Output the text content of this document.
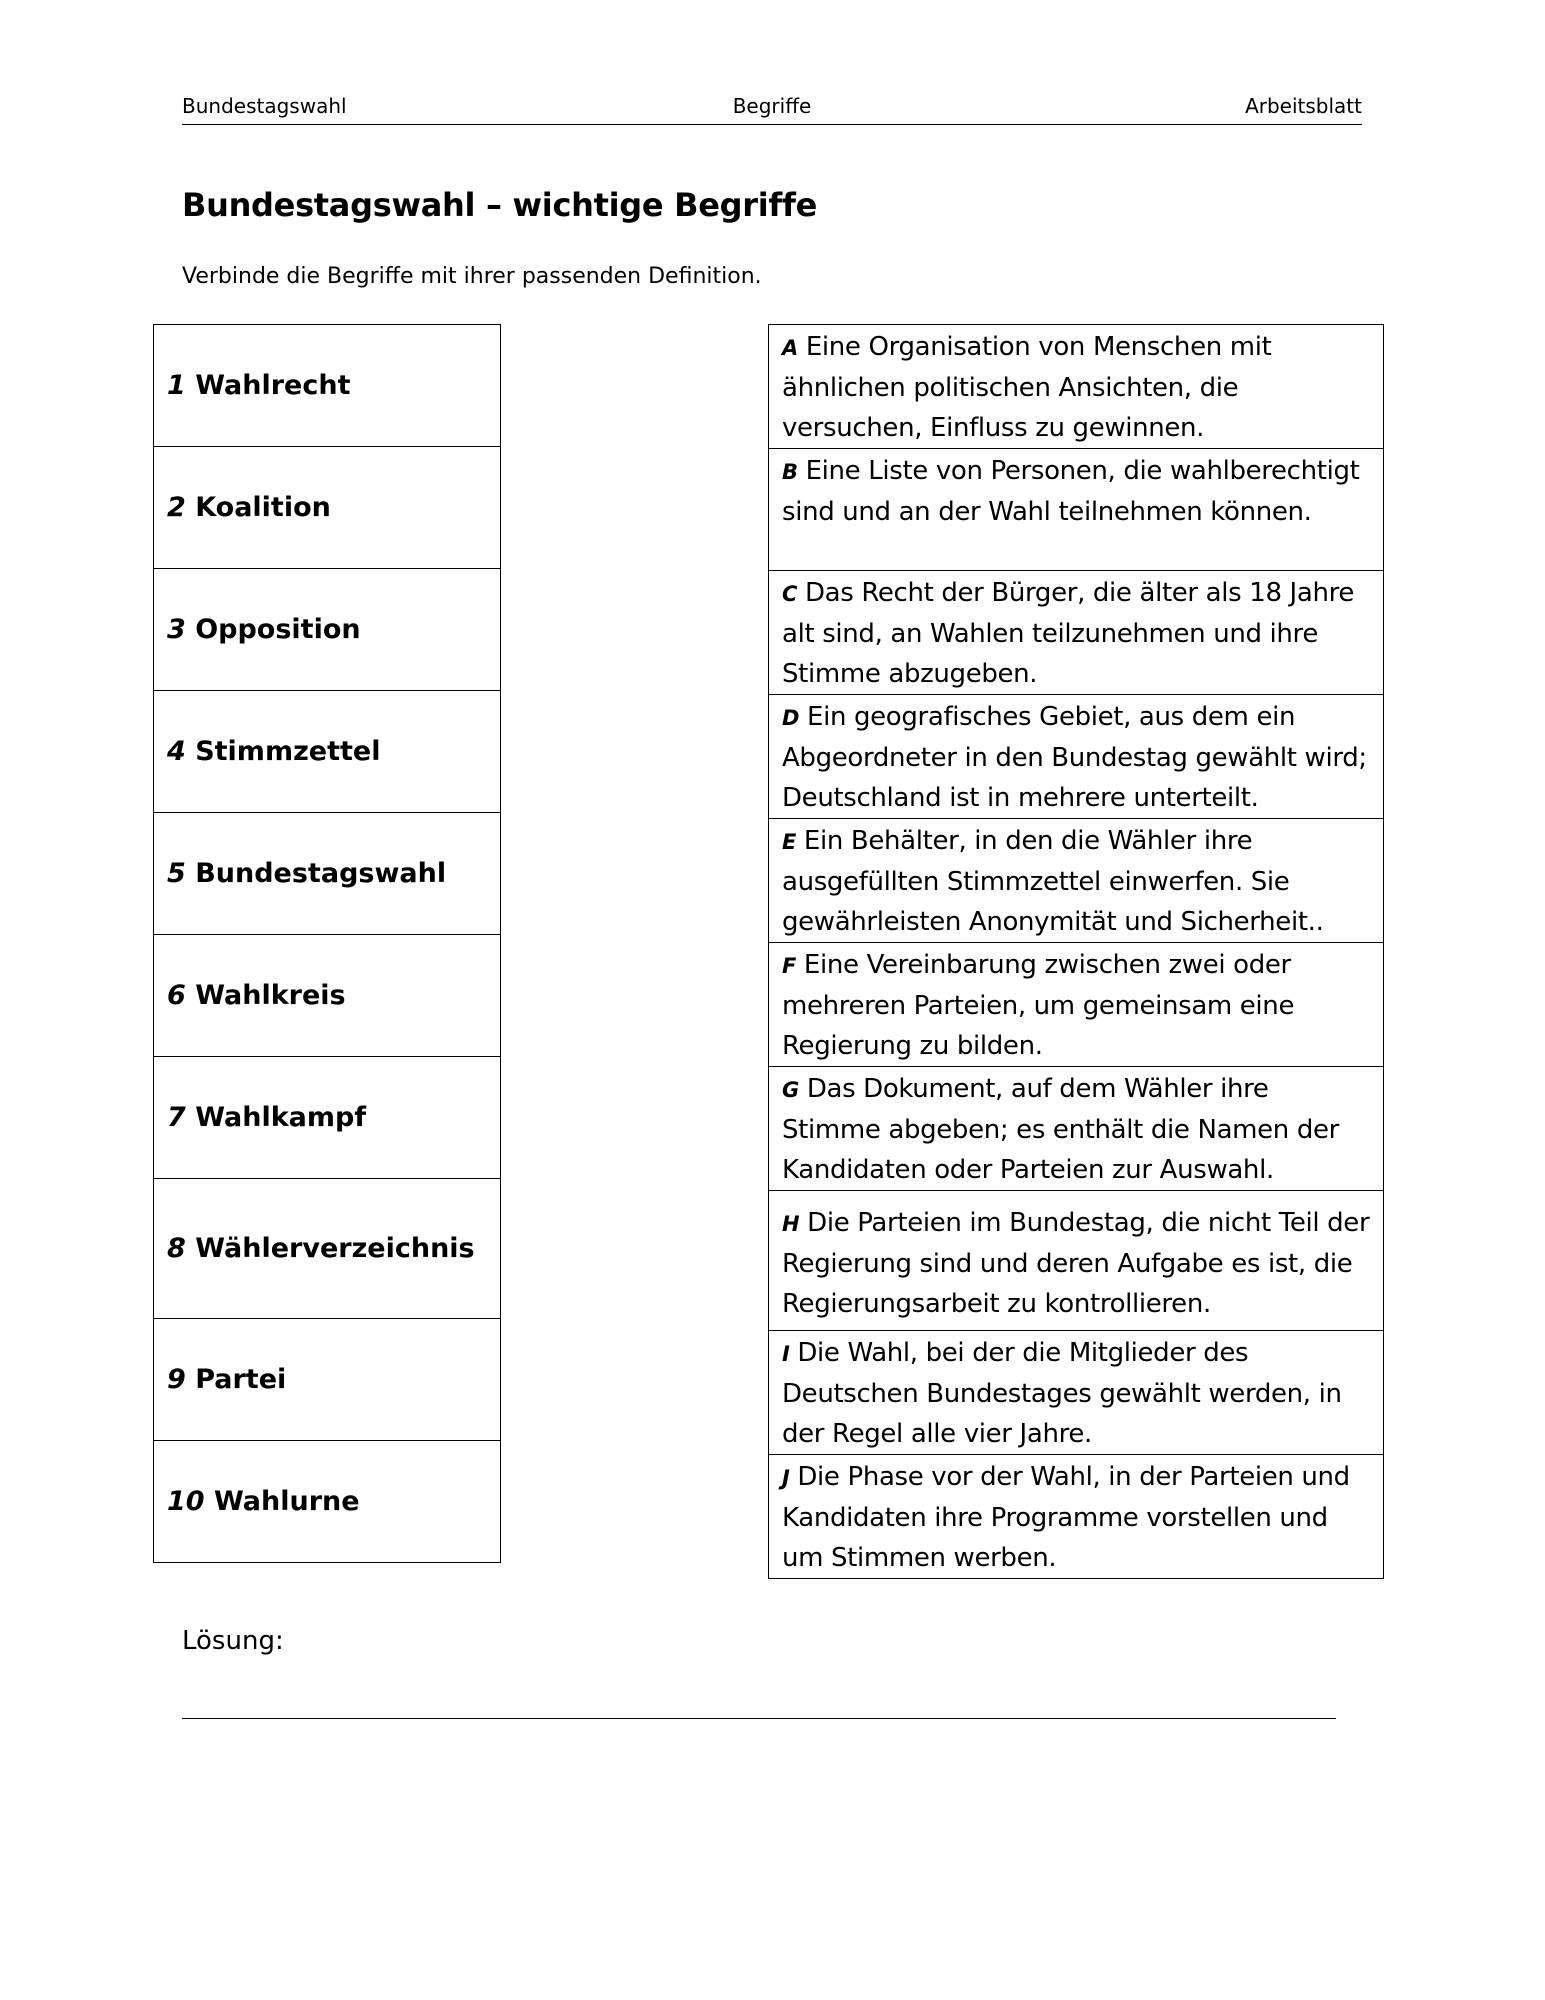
Begriffe
Bundestagswahl	Arbeitsblatt
Bundestagswahl – wichtige Begriffe
Verbinde die Begriffe mit ihrer passenden Definition.
1 Wahlrecht
2 Koalition
3 Opposition
4 Stimmzettel
5 Bundestagswahl
6 Wahlkreis
7 Wahlkampf
8 Wählerverzeichnis
9 Partei
10 Wahlurne
A Eine Organisation von Menschen mit ähnlichen politischen Ansichten, die versuchen, Einfluss zu gewinnen.
B Eine Liste von Personen, die wahlberechtigt sind und an der Wahl teilnehmen können.
C Das Recht der Bürger, die älter als 18 Jahre alt sind, an Wahlen teilzunehmen und ihre Stimme abzugeben.
D Ein geografisches Gebiet, aus dem ein Abgeordneter in den Bundestag gewählt wird; Deutschland ist in mehrere unterteilt.
E Ein Behälter, in den die Wähler ihre ausgefüllten Stimmzettel einwerfen. Sie gewährleisten Anonymität und Sicherheit..
F Eine Vereinbarung zwischen zwei oder mehreren Parteien, um gemeinsam eine Regierung zu bilden.
G Das Dokument, auf dem Wähler ihre Stimme abgeben; es enthält die Namen der Kandidaten oder Parteien zur Auswahl.
H Die Parteien im Bundestag, die nicht Teil der Regierung sind und deren Aufgabe es ist, die Regierungsarbeit zu kontrollieren.
I Die Wahl, bei der die Mitglieder des Deutschen Bundestages gewählt werden, in der Regel alle vier Jahre.
J Die Phase vor der Wahl, in der Parteien und Kandidaten ihre Programme vorstellen und um Stimmen werben.
Lösung:
